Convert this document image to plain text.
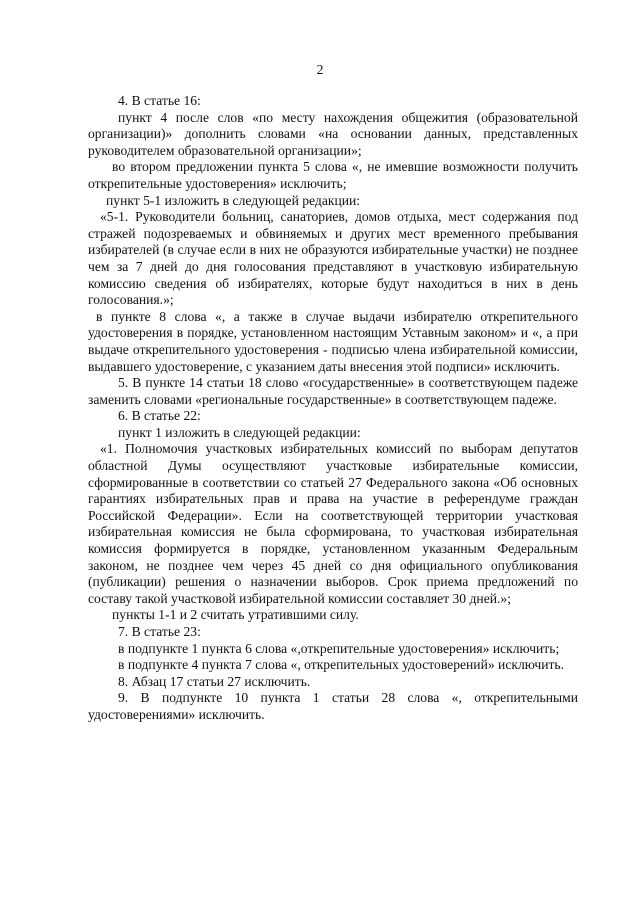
2

4. В статье 16:

пункт 4 после слов «по месту нахождения общежития (образовательной организации)» дополнить словами «на основании данных, представленных руководителем образовательной организации»;

во втором предложении пункта 5 слова «, не имевшие возможности получить открепительные удостоверения» исключить;

пункт 5-1 изложить в следующей редакции:

«5-1. Руководители больниц, санаториев, домов отдыха, мест содержания под стражей подозреваемых и обвиняемых и других мест временного пребывания избирателей (в случае если в них не образуются избирательные участки) не позднее чем за 7 дней до дня голосования представляют в участковую избирательную комиссию сведения об избирателях, которые будут находиться в них в день голосования.»;

в пункте 8 слова «, а также в случае выдачи избирателю открепительного удостоверения в порядке, установленном настоящим Уставным законом» и «, а при выдаче открепительного удостоверения - подписью члена избирательной комиссии, выдавшего удостоверение, с указанием даты внесения этой подписи» исключить.

5. В пункте 14 статьи 18 слово «государственные» в соответствующем падеже заменить словами «региональные государственные» в соответствующем падеже.

6. В статье 22:

пункт 1 изложить в следующей редакции:

«1. Полномочия участковых избирательных комиссий по выборам депутатов областной Думы осуществляют участковые избирательные комиссии, сформированные в соответствии со статьей 27 Федерального закона «Об основных гарантиях избирательных прав и права на участие в референдуме граждан Российской Федерации». Если на соответствующей территории участковая избирательная комиссия не была сформирована, то участковая избирательная комиссия формируется в порядке, установленном указанным Федеральным законом, не позднее чем через 45 дней со дня официального опубликования (публикации) решения о назначении выборов. Срок приема предложений по составу такой участковой избирательной комиссии составляет 30 дней.»;

пункты 1-1 и 2 считать утратившими силу.

7. В статье 23:

в подпункте 1 пункта 6 слова «,открепительные удостоверения» исключить;

в подпункте 4 пункта 7 слова «, открепительных удостоверений» исключить.

8. Абзац 17 статьи 27 исключить.

9. В подпункте 10 пункта 1 статьи 28 слова «, открепительными удостоверениями» исключить.
